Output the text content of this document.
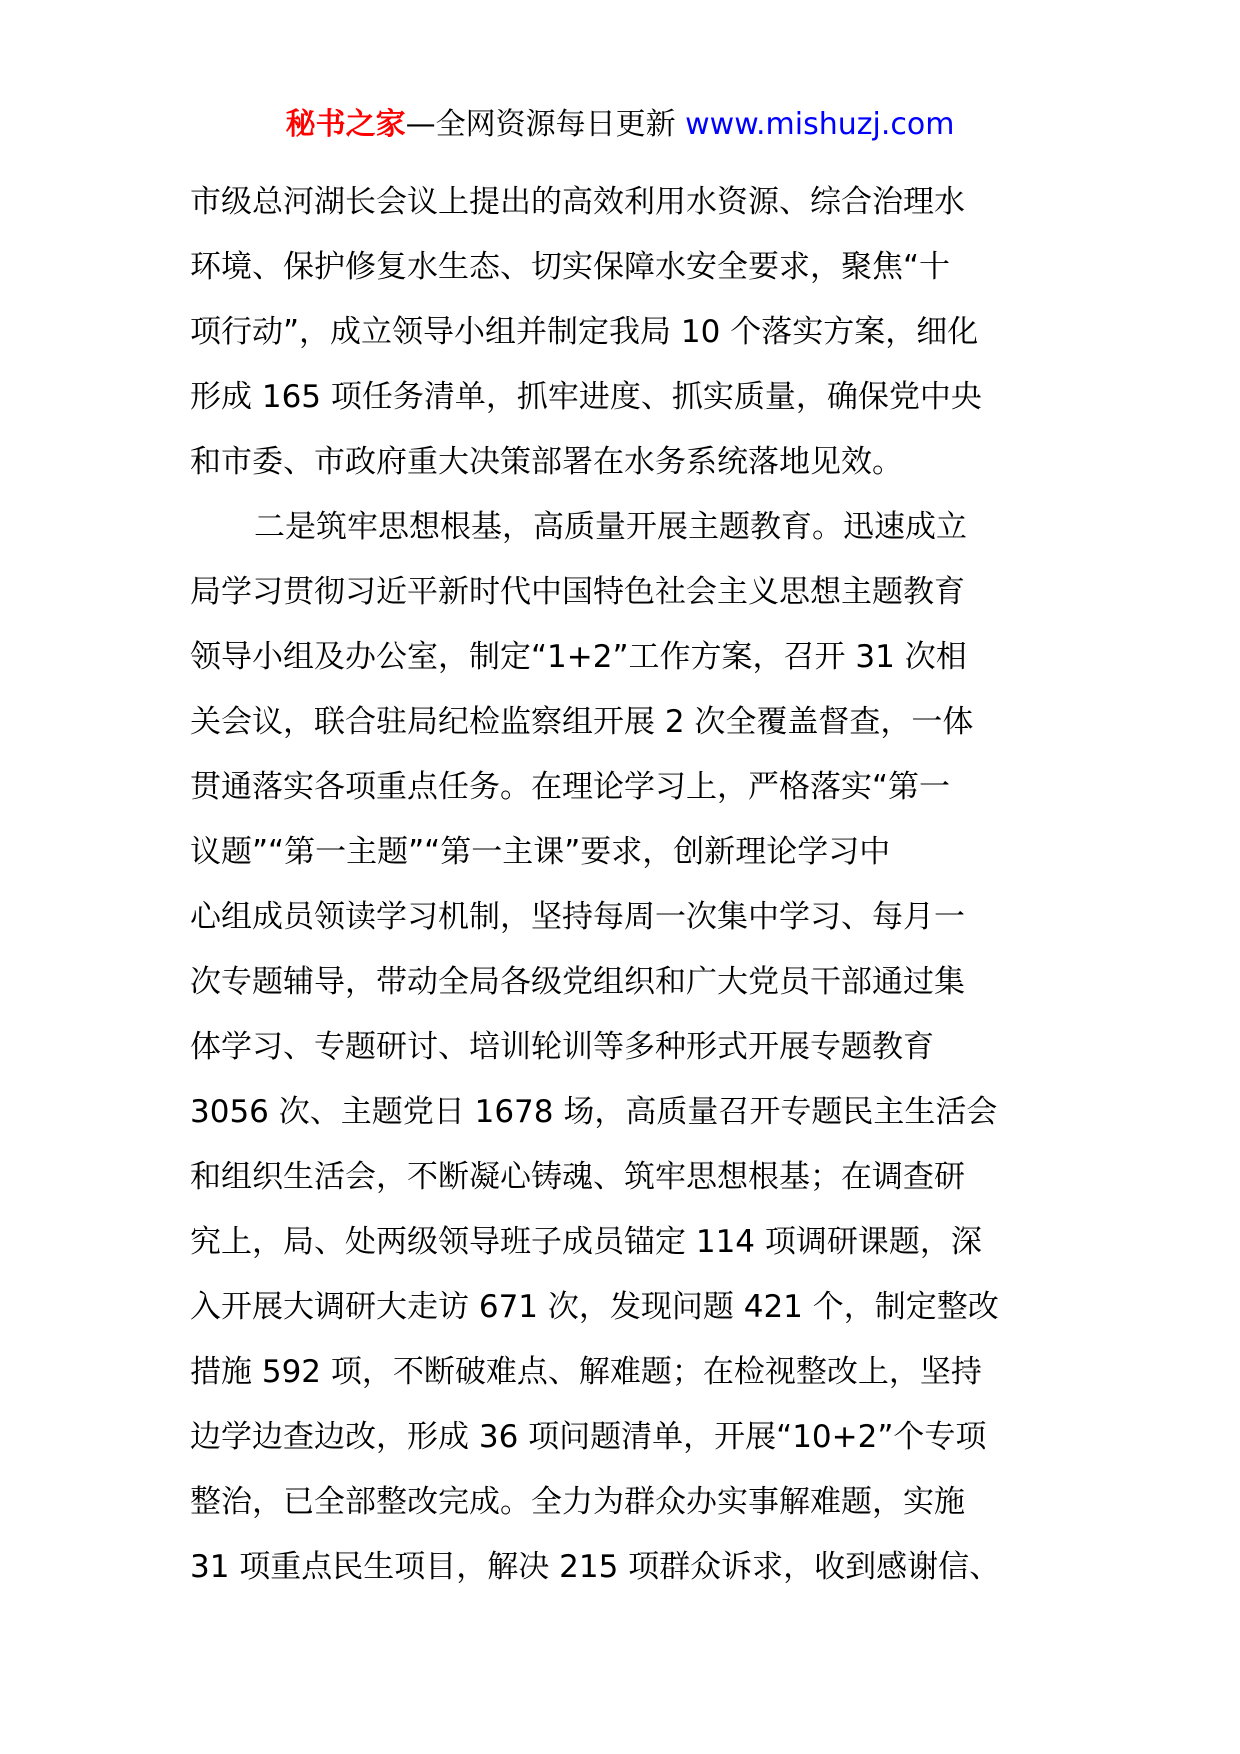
秘书之家—全网资源每日更新 www.mishuzj.com
市级总河湖长会议上提出的高效利用水资源、综合治理水
环境、保护修复水生态、切实保障水安全要求，聚焦“十
项行动”，成立领导小组并制定我局 10 个落实方案，细化
形成 165 项任务清单，抓牢进度、抓实质量，确保党中央
和市委、市政府重大决策部署在水务系统落地见效。
二是筑牢思想根基，高质量开展主题教育。迅速成立
局学习贯彻习近平新时代中国特色社会主义思想主题教育
领导小组及办公室，制定“1+2”工作方案，召开 31 次相
关会议，联合驻局纪检监察组开展 2 次全覆盖督查，一体
贯通落实各项重点任务。在理论学习上，严格落实“第一
议题”“第一主题”“第一主课”要求，创新理论学习中
心组成员领读学习机制，坚持每周一次集中学习、每月一
次专题辅导，带动全局各级党组织和广大党员干部通过集
体学习、专题研讨、培训轮训等多种形式开展专题教育
3056 次、主题党日 1678 场，高质量召开专题民主生活会
和组织生活会，不断凝心铸魂、筑牢思想根基；在调查研
究上，局、处两级领导班子成员锚定 114 项调研课题，深
入开展大调研大走访 671 次，发现问题 421 个，制定整改
措施 592 项，不断破难点、解难题；在检视整改上，坚持
边学边查边改，形成 36 项问题清单，开展“10+2”个专项
整治，已全部整改完成。全力为群众办实事解难题，实施
31 项重点民生项目，解决 215 项群众诉求，收到感谢信、
